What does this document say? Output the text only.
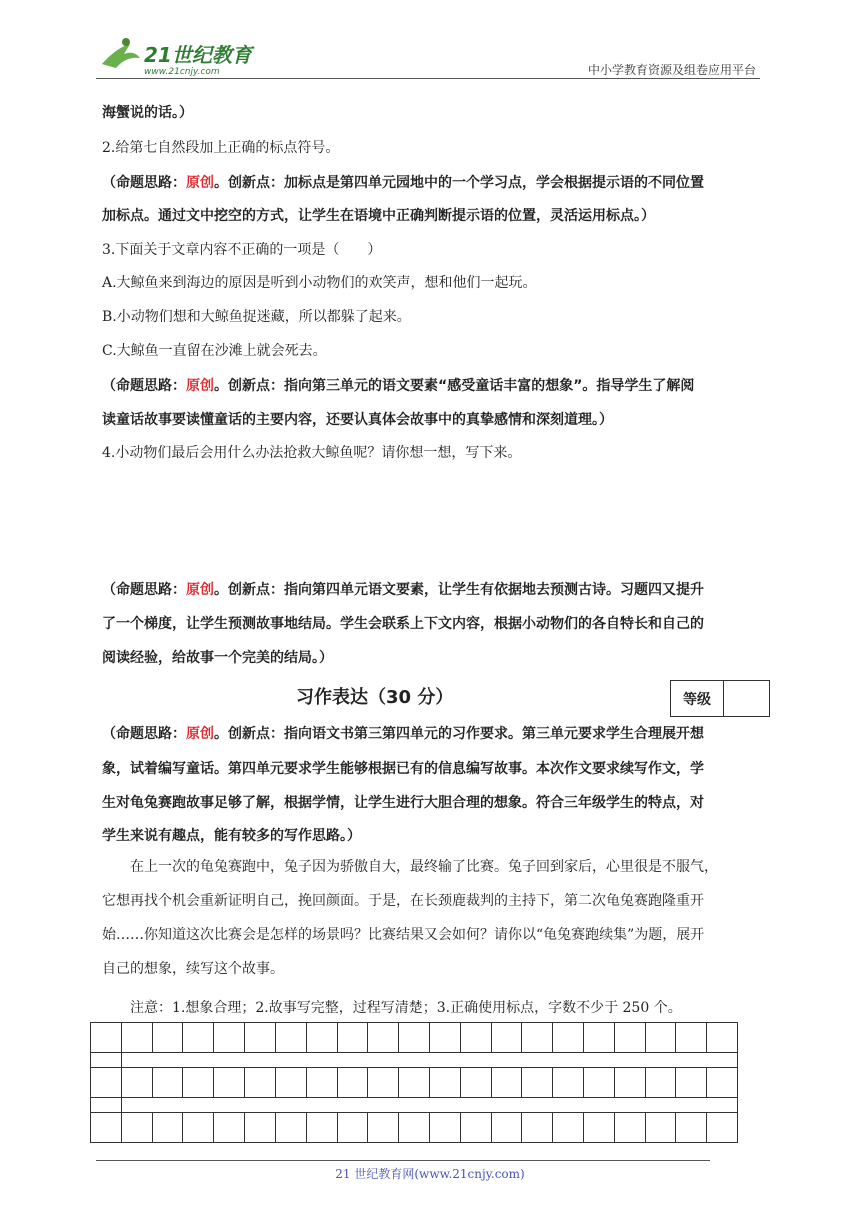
21世纪教育
www.21cnjy.com	中小学教育资源及组卷应用平台
海蟹说的话。）
2.给第七自然段加上正确的标点符号。
（命题思路：原创。创新点：加标点是第四单元园地中的一个学习点，学会根据提示语的不同位置
加标点。通过文中挖空的方式，让学生在语境中正确判断提示语的位置，灵活运用标点。）
3.下面关于文章内容不正确的一项是（　　）
A.大鲸鱼来到海边的原因是听到小动物们的欢笑声，想和他们一起玩。
B.小动物们想和大鲸鱼捉迷藏，所以都躲了起来。
C.大鲸鱼一直留在沙滩上就会死去。
（命题思路：原创。创新点：指向第三单元的语文要素“感受童话丰富的想象”。指导学生了解阅
读童话故事要读懂童话的主要内容，还要认真体会故事中的真挚感情和深刻道理。）
4.小动物们最后会用什么办法抢救大鲸鱼呢？请你想一想，写下来。
（命题思路：原创。创新点：指向第四单元语文要素，让学生有依据地去预测古诗。习题四又提升
了一个梯度，让学生预测故事地结局。学生会联系上下文内容，根据小动物们的各自特长和自己的
阅读经验，给故事一个完美的结局。）
（命题思路：原创。创新点：指向语文书第三第四单元的习作要求。第三单元要求学生合理展开想
象，试着编写童话。第四单元要求学生能够根据已有的信息编写故事。本次作文要求续写作文，学
生对龟兔赛跑故事足够了解，根据学情，让学生进行大胆合理的想象。符合三年级学生的特点，对
学生来说有趣点，能有较多的写作思路。）
　　在上一次的龟兔赛跑中，兔子因为骄傲自大，最终输了比赛。兔子回到家后，心里很是不服气，
它想再找个机会重新证明自己，挽回颜面。于是，在长颈鹿裁判的主持下，第二次龟兔赛跑隆重开
始……你知道这次比赛会是怎样的场景吗？比赛结果又会如何？请你以“龟兔赛跑续集”为题，展开
自己的想象，续写这个故事。
　　注意：1.想象合理；2.故事写完整，过程写清楚；3.正确使用标点，字数不少于 250 个。
习作表达（30 分）	等级
21 世纪教育网(www.21cnjy.com)
